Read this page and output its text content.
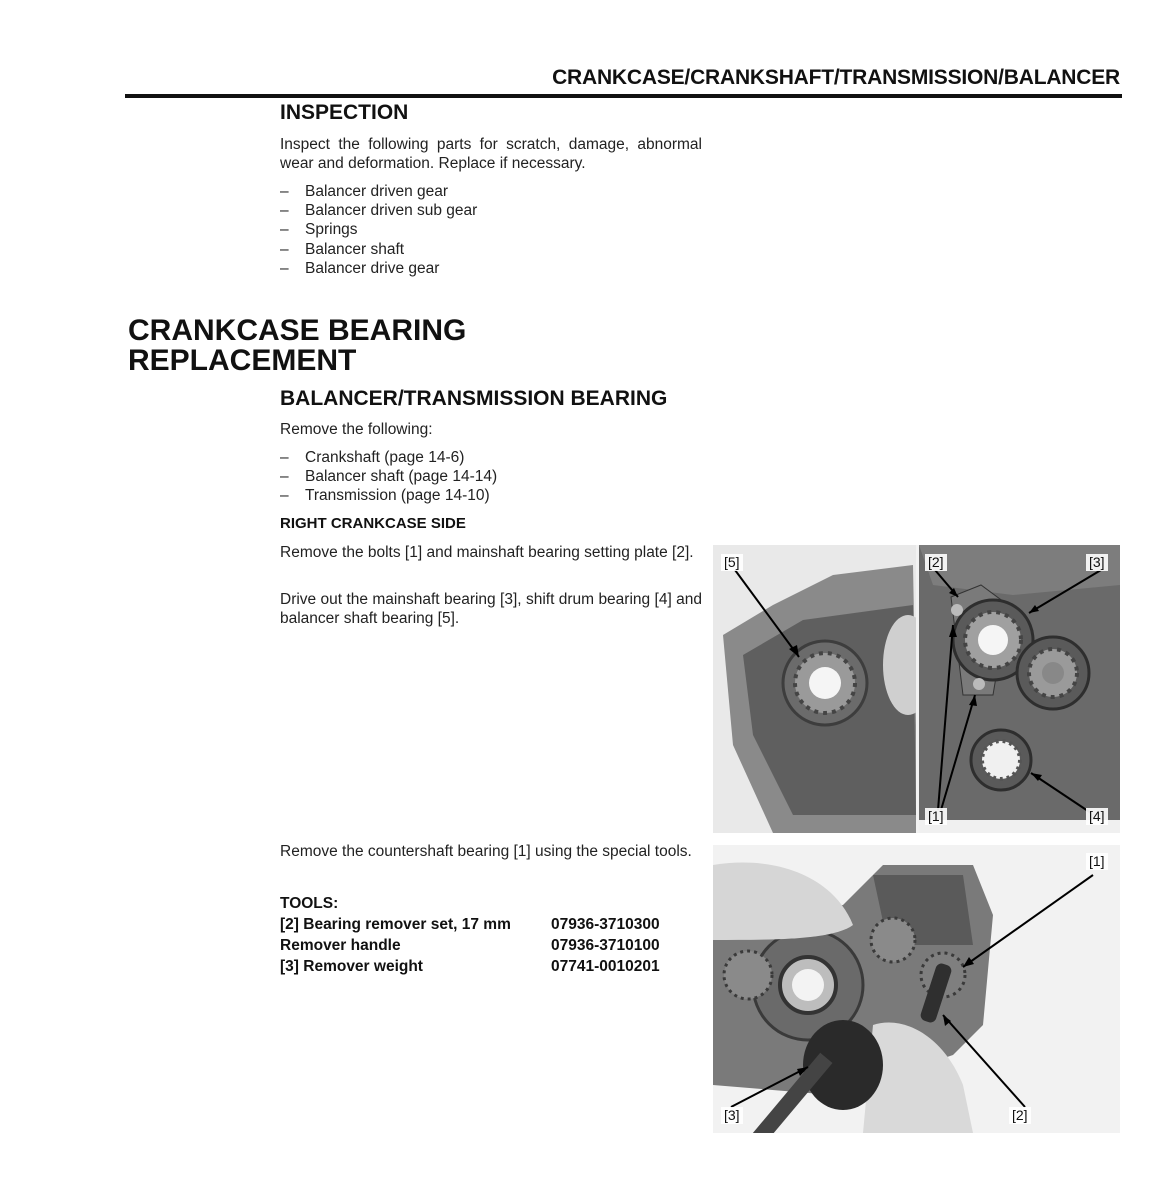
CRANKCASE/CRANKSHAFT/TRANSMISSION/BALANCER
INSPECTION
Inspect the following parts for scratch, damage, abnormal wear and deformation. Replace if necessary.
– Balancer driven gear
– Balancer driven sub gear
– Springs
– Balancer shaft
– Balancer drive gear
CRANKCASE BEARING
REPLACEMENT
BALANCER/TRANSMISSION BEARING
Remove the following:
– Crankshaft (page 14-6)
– Balancer shaft (page 14-14)
– Transmission (page 14-10)
RIGHT CRANKCASE SIDE
Remove the bolts [1] and mainshaft bearing setting plate [2].
Drive out the mainshaft bearing [3], shift drum bearing [4] and balancer shaft bearing [5].
Remove the countershaft bearing [1] using the special tools.
TOOLS:
[2] Bearing remover set, 17 mm	07936-3710300
Remover handle	07936-3710100
[3] Remover weight	07741-0010201
[5]	[2]	[3]
[1]	[4]
[1]
[3]	[2]
